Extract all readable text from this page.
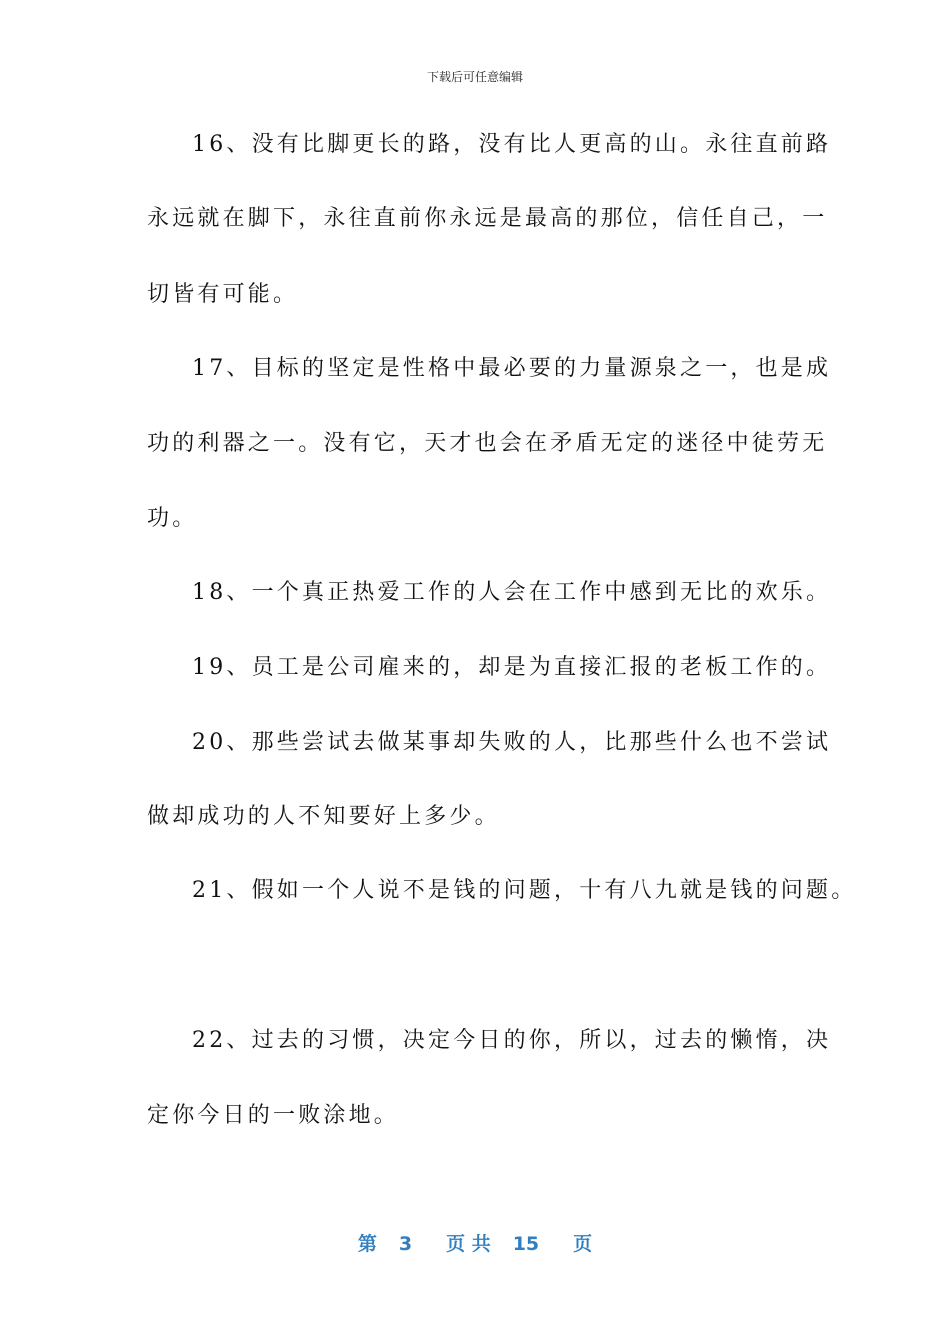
下载后可任意编辑
16、没有比脚更长的路，没有比人更高的山。永往直前路
永远就在脚下，永往直前你永远是最高的那位，信任自己，一
切皆有可能。
17、目标的坚定是性格中最必要的力量源泉之一，也是成
功的利器之一。没有它，天才也会在矛盾无定的迷径中徒劳无
功。
18、一个真正热爱工作的人会在工作中感到无比的欢乐。
19、员工是公司雇来的，却是为直接汇报的老板工作的。
20、那些尝试去做某事却失败的人，比那些什么也不尝试
做却成功的人不知要好上多少。
21、假如一个人说不是钱的问题，十有八九就是钱的问题。
22、过去的习惯，决定今日的你，所以，过去的懒惰，决
定你今日的一败涂地。
第 3 页 共 15 页
